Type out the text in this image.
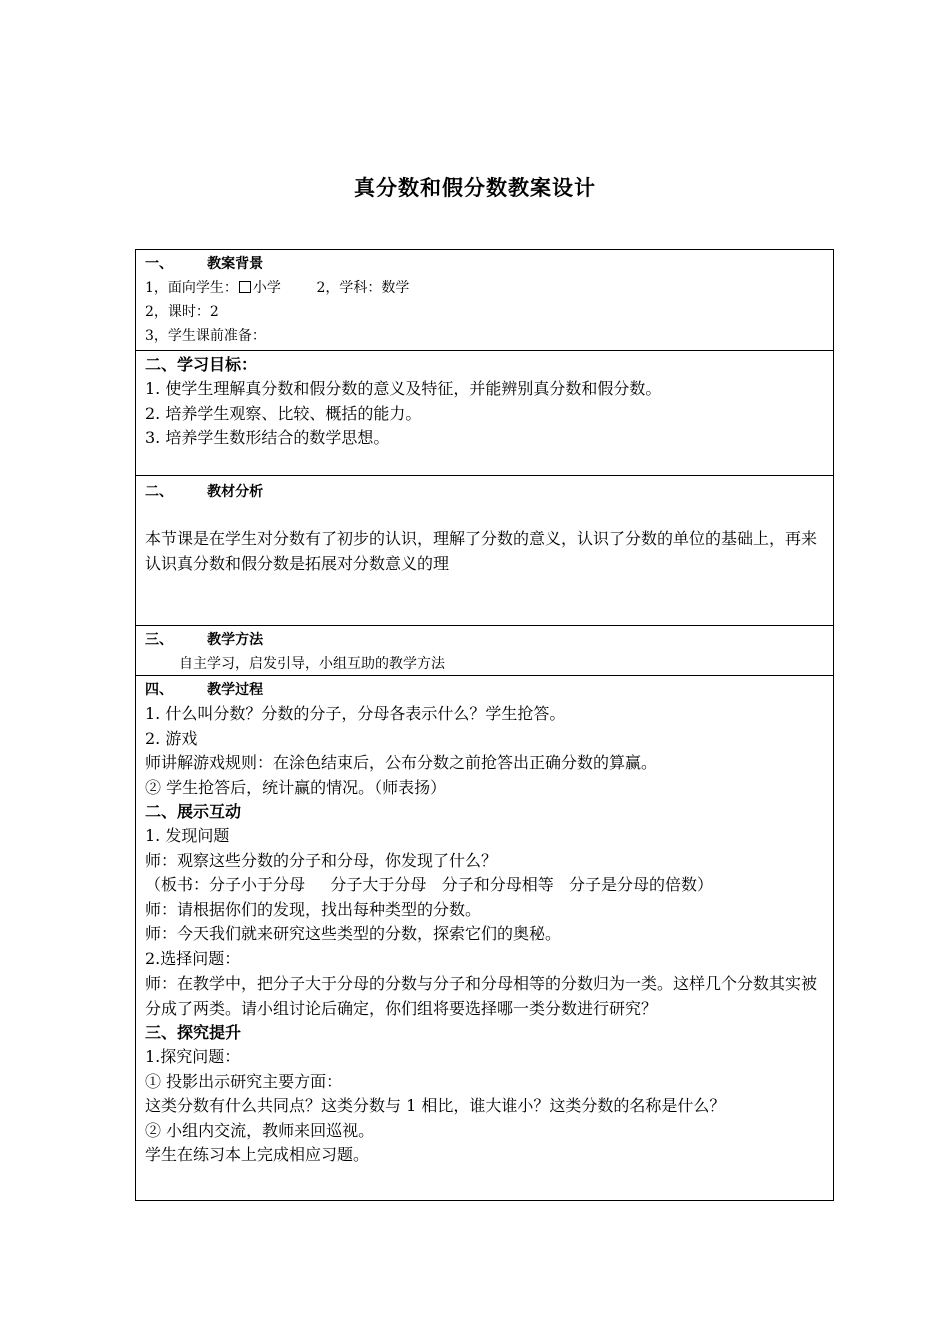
真分数和假分数教案设计
一、       教案背景
1，面向学生： 小学        2，学科：数学
2，课时：2
3，学生课前准备：
二、学习目标：
1. 使学生理解真分数和假分数的意义及特征，并能辨别真分数和假分数。
2. 培养学生观察、比较、概括的能力。
3. 培养学生数形结合的数学思想。
二、       教材分析
本节课是在学生对分数有了初步的认识，理解了分数的意义，认识了分数的单位的基础上，再来认识真分数和假分数是拓展对分数意义的理
三、       教学方法
自主学习，启发引导，小组互助的教学方法
四、       教学过程
1. 什么叫分数？分数的分子，分母各表示什么？学生抢答。
2. 游戏
师讲解游戏规则：在涂色结束后，公布分数之前抢答出正确分数的算赢。
② 学生抢答后，统计赢的情况。（师表扬）
二、展示互动
1. 发现问题
师：观察这些分数的分子和分母，你发现了什么？
（板书：分子小于分母     分子大于分母   分子和分母相等   分子是分母的倍数）
师：请根据你们的发现，找出每种类型的分数。
师：今天我们就来研究这些类型的分数，探索它们的奥秘。
2.选择问题：
师：在教学中，把分子大于分母的分数与分子和分母相等的分数归为一类。这样几个分数其实被分成了两类。请小组讨论后确定，你们组将要选择哪一类分数进行研究？
三、探究提升
1.探究问题：
① 投影出示研究主要方面：
这类分数有什么共同点？这类分数与 1 相比，谁大谁小？这类分数的名称是什么？
② 小组内交流，教师来回巡视。
学生在练习本上完成相应习题。
